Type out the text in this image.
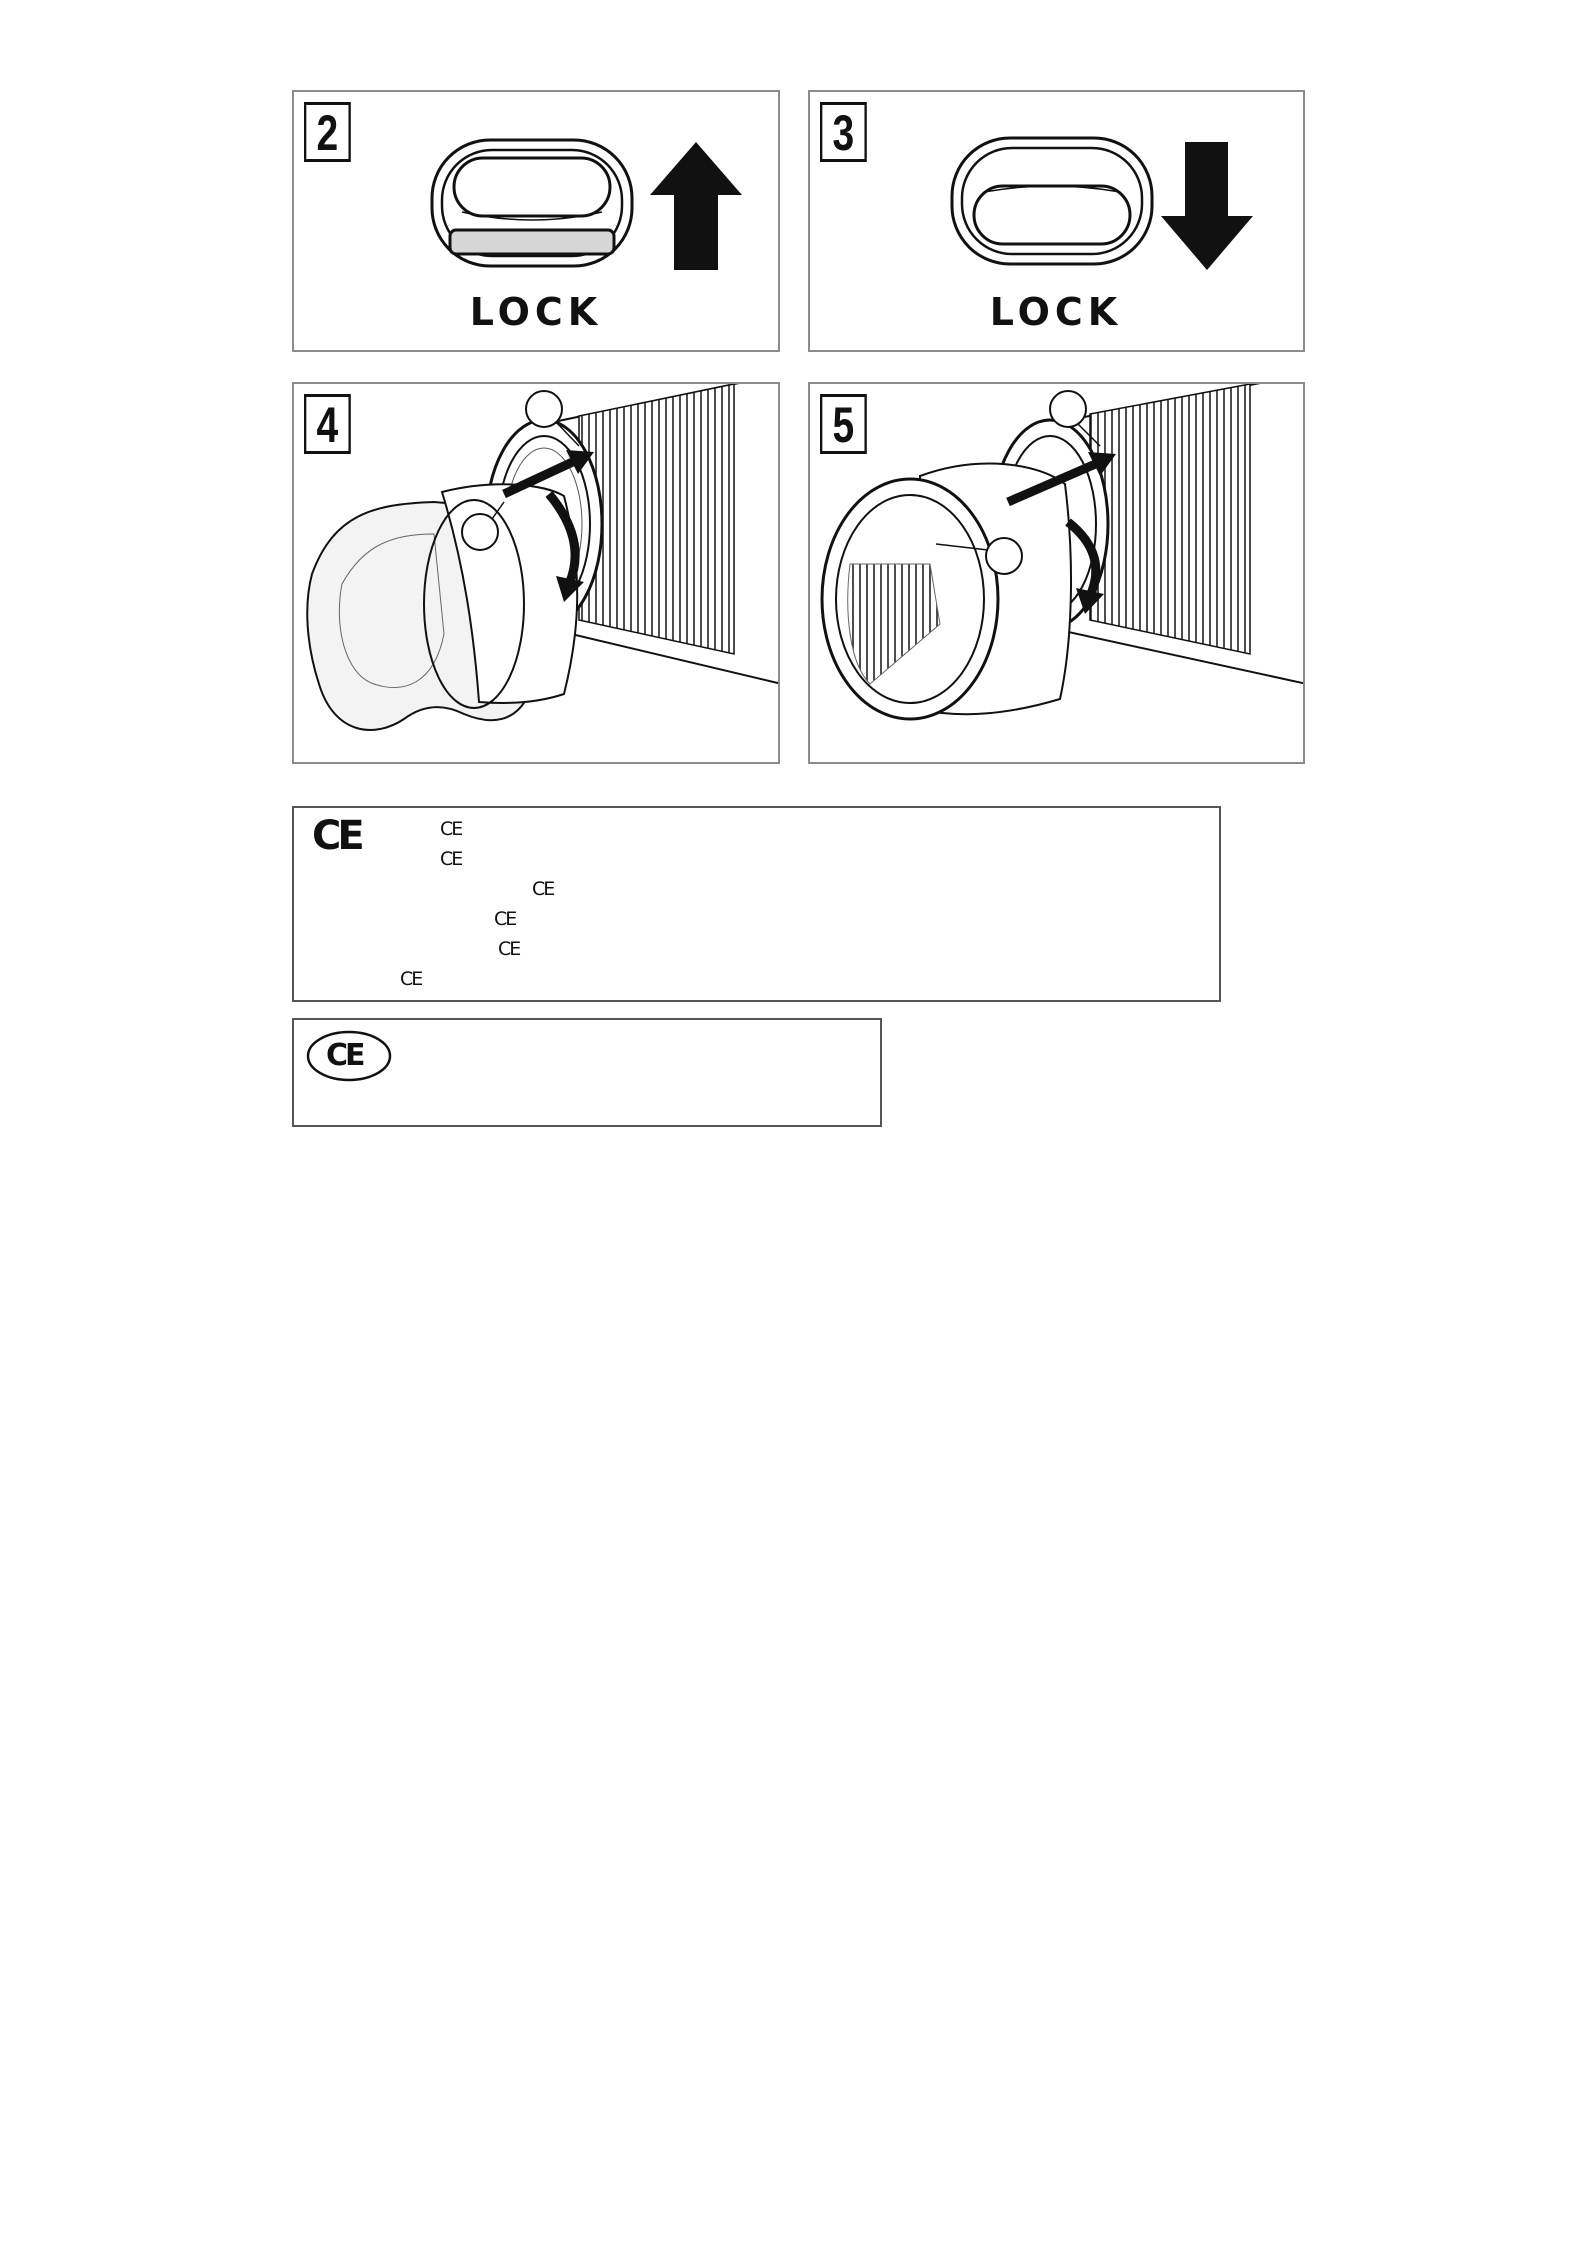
2
LOCK
3
LOCK
4	5
CE	CE
CE
CE
CE
CE
CE
CE
